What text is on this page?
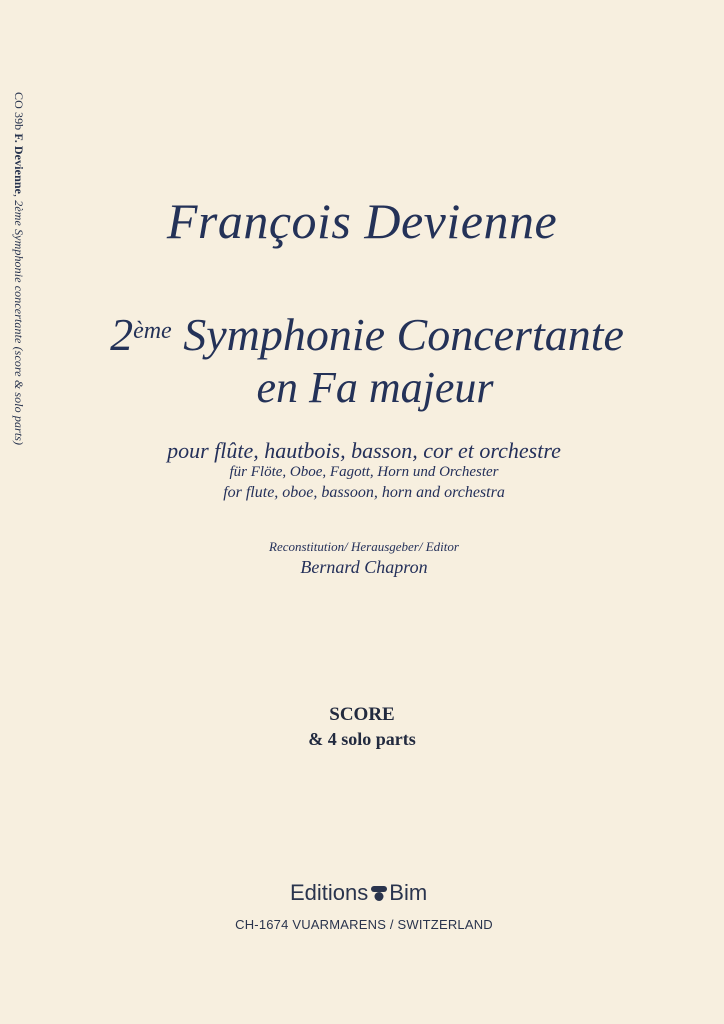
CO 39b F. Devienne, 2ème Symphonie concertante (score & solo parts)
François Devienne
2ème Symphonie Concertante
en Fa majeur
pour flûte, hautbois, basson, cor et orchestre
für Flöte, Oboe, Fagott, Horn und Orchester
for flute, oboe, bassoon, horn and orchestra
Reconstitution/ Herausgeber/ Editor
Bernard Chapron
SCORE
& 4 solo parts
Editions Bim
CH-1674 VUARMARENS / SWITZERLAND
